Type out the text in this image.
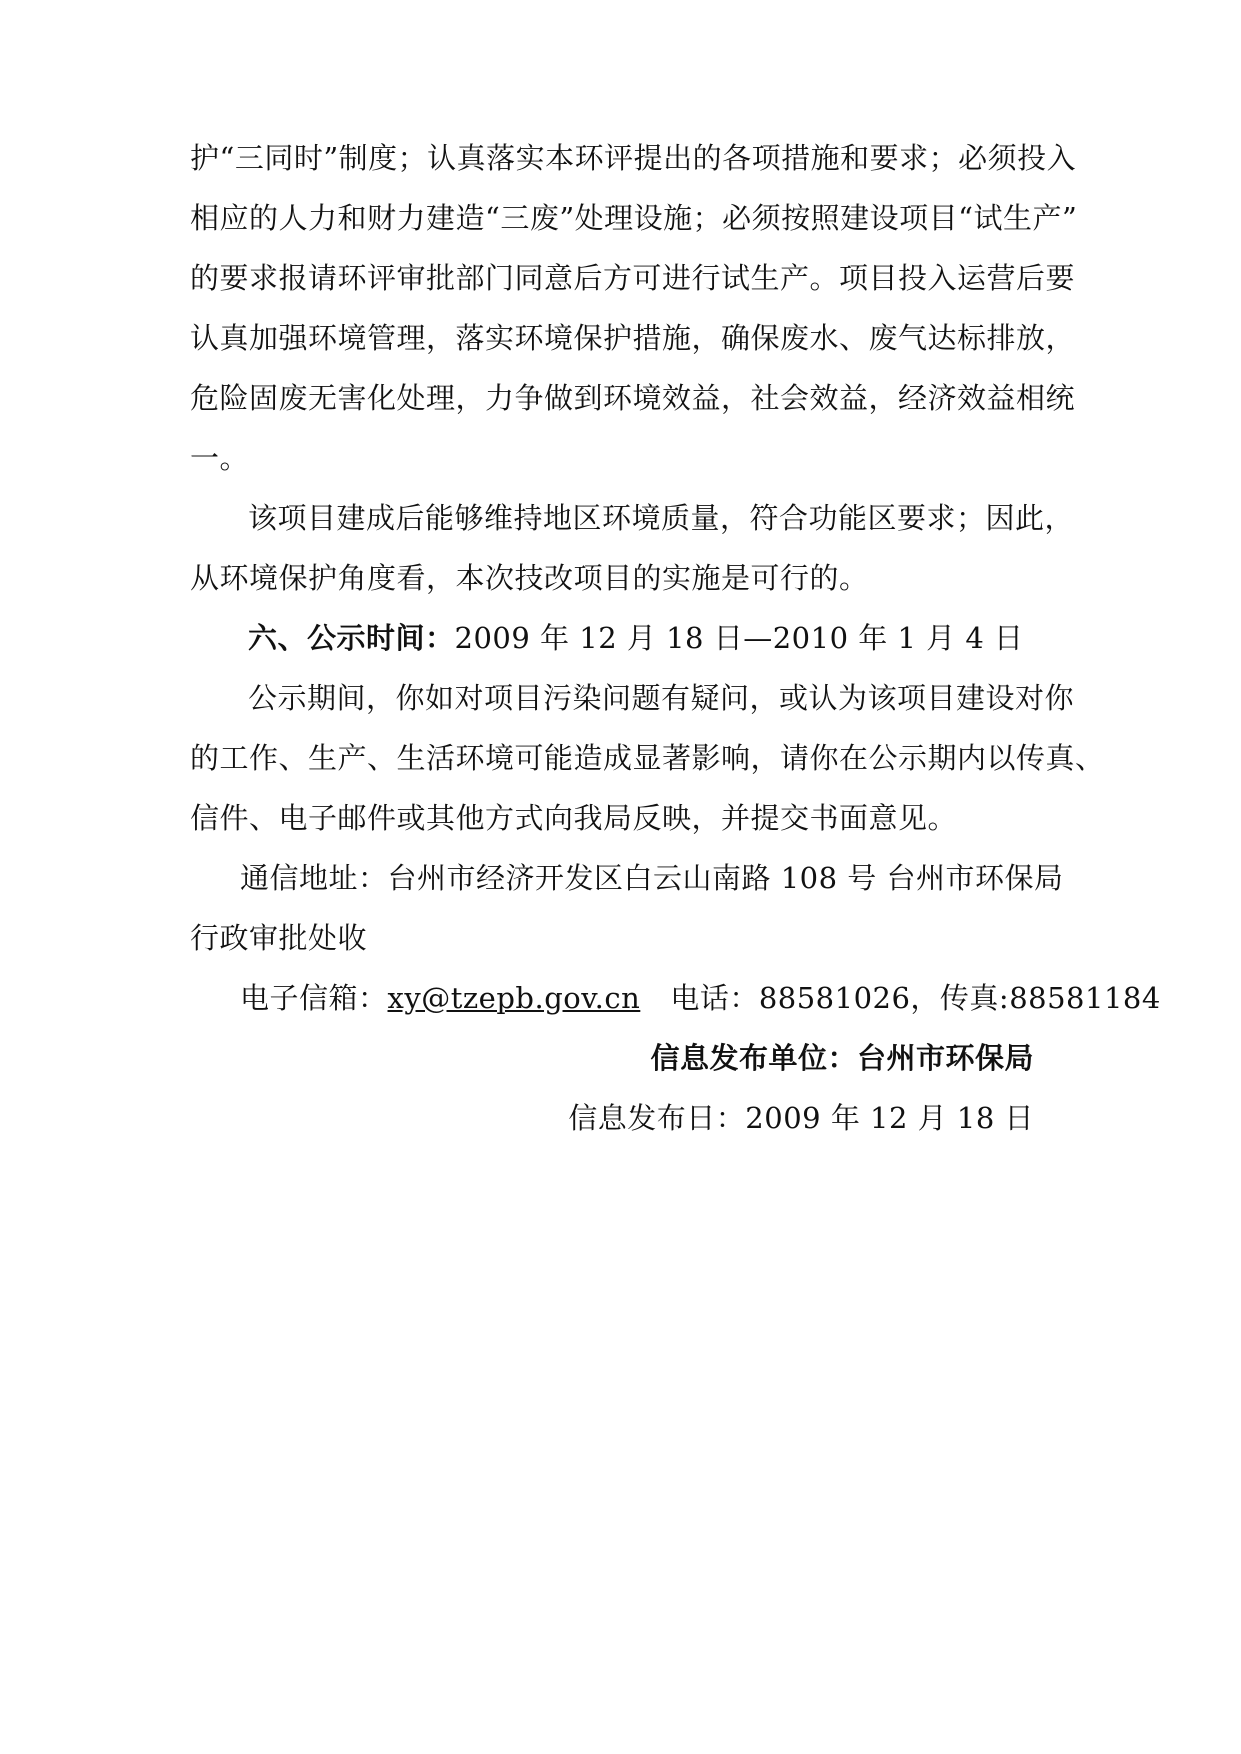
护“三同时”制度；认真落实本环评提出的各项措施和要求；必须投入
相应的人力和财力建造“三废”处理设施；必须按照建设项目“试生产”
的要求报请环评审批部门同意后方可进行试生产。项目投入运营后要
认真加强环境管理，落实环境保护措施，确保废水、废气达标排放，
危险固废无害化处理，力争做到环境效益，社会效益，经济效益相统
一。
该项目建成后能够维持地区环境质量，符合功能区要求；因此，
从环境保护角度看，本次技改项目的实施是可行的。
六、公示时间：2009 年 12 月 18 日—2010 年 1 月 4 日
公示期间，你如对项目污染问题有疑问，或认为该项目建设对你
的工作、生产、生活环境可能造成显著影响，请你在公示期内以传真、
信件、电子邮件或其他方式向我局反映，并提交书面意见。
通信地址：台州市经济开发区白云山南路 108 号 台州市环保局
行政审批处收
电子信箱：xy@tzepb.gov.cn 电话：88581026，传真:88581184
信息发布单位：台州市环保局
信息发布日：2009 年 12 月 18 日
